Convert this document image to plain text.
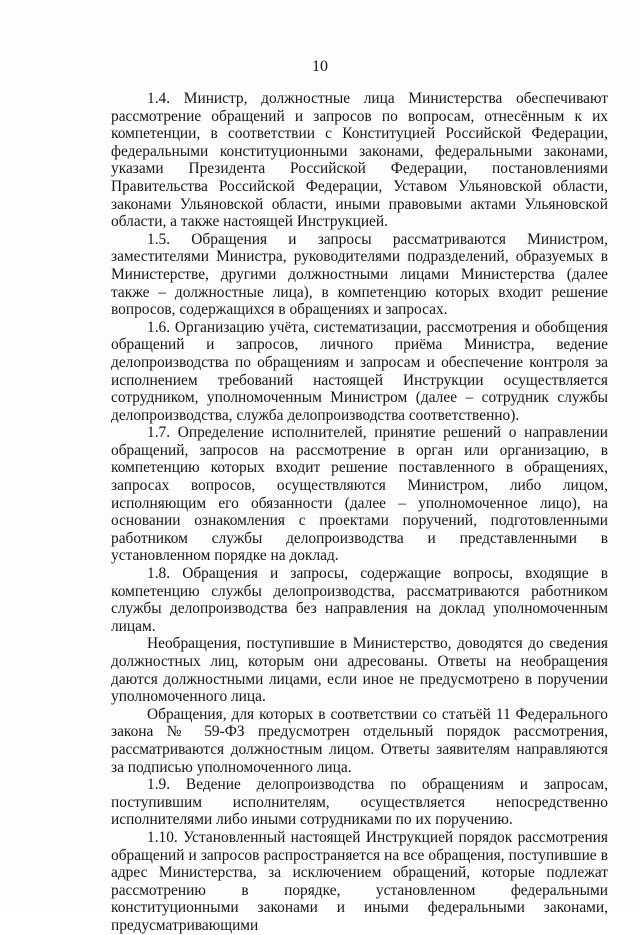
10

1.4. Министр, должностные лица Министерства обеспечивают рассмотрение обращений и запросов по вопросам, отнесённым к их компетенции, в соответствии с Конституцией Российской Федерации, федеральными конституционными законами, федеральными законами, указами Президента Российской Федерации, постановлениями Правительства Российской Федерации, Уставом Ульяновской области, законами Ульяновской области, иными правовыми актами Ульяновской области, а также настоящей Инструкцией.

1.5. Обращения и запросы рассматриваются Министром, заместителями Министра, руководителями подразделений, образуемых в Министерстве, другими должностными лицами Министерства (далее также – должностные лица), в компетенцию которых входит решение вопросов, содержащихся в обращениях и запросах.

1.6. Организацию учёта, систематизации, рассмотрения и обобщения обращений и запросов, личного приёма Министра, ведение делопроизводства по обращениям и запросам и обеспечение контроля за исполнением требований настоящей Инструкции осуществляется сотрудником, уполномоченным Министром (далее – сотрудник службы делопроизводства, служба делопроизводства соответственно).

1.7. Определение исполнителей, принятие решений о направлении обращений, запросов на рассмотрение в орган или организацию, в компетенцию которых входит решение поставленного в обращениях, запросах вопросов, осуществляются Министром, либо лицом, исполняющим его обязанности (далее – уполномоченное лицо), на основании ознакомления с проектами поручений, подготовленными работником службы делопроизводства и представленными в установленном порядке на доклад.

1.8. Обращения и запросы, содержащие вопросы, входящие в компетенцию службы делопроизводства, рассматриваются работником службы делопроизводства без направления на доклад уполномоченным лицам.

Необращения, поступившие в Министерство, доводятся до сведения должностных лиц, которым они адресованы. Ответы на необращения даются должностными лицами, если иное не предусмотрено в поручении уполномоченного лица.

Обращения, для которых в соответствии со статьёй 11 Федерального закона № 59-ФЗ предусмотрен отдельный порядок рассмотрения, рассматриваются должностным лицом. Ответы заявителям направляются за подписью уполномоченного лица.

1.9. Ведение делопроизводства по обращениям и запросам, поступившим исполнителям, осуществляется непосредственно исполнителями либо иными сотрудниками по их поручению.

1.10. Установленный настоящей Инструкцией порядок рассмотрения обращений и запросов распространяется на все обращения, поступившие в адрес Министерства, за исключением обращений, которые подлежат рассмотрению в порядке, установленном федеральными конституционными законами и иными федеральными законами, предусматривающими
